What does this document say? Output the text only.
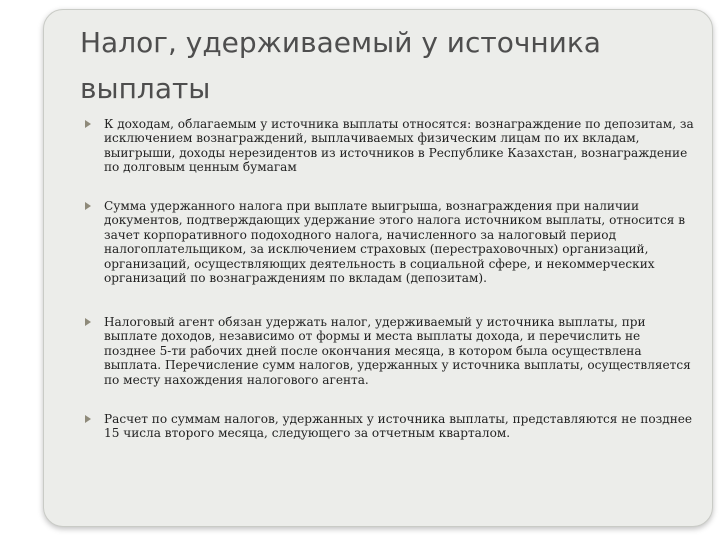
Налог, удерживаемый у источника выплаты
К доходам, облагаемым у источника выплаты относятся: вознаграждение по депозитам, за исключением вознаграждений, выплачиваемых физическим лицам по их вкладам, выигрыши, доходы нерезидентов из источников в Республике Казахстан, вознаграждение по долговым ценным бумагам
Сумма удержанного налога при выплате выигрыша, вознаграждения при наличии документов, подтверждающих удержание этого налога источником выплаты, относится в зачет корпоративного подоходного налога, начисленного за налоговый период налогоплательщиком, за исключением страховых (перестраховочных) организаций, организаций, осуществляющих деятельность в социальной сфере, и некоммерческих организаций по вознаграждениям по вкладам (депозитам).
Налоговый агент обязан удержать налог, удерживаемый у источника выплаты, при выплате доходов, независимо от формы и места выплаты дохода, и перечислить не позднее 5-ти рабочих дней после окончания месяца, в котором была осуществлена выплата. Перечисление сумм налогов, удержанных у источника выплаты, осуществляется по месту нахождения налогового агента.
Расчет по суммам налогов, удержанных у источника выплаты, представляются не позднее 15 числа второго месяца, следующего за отчетным кварталом.
